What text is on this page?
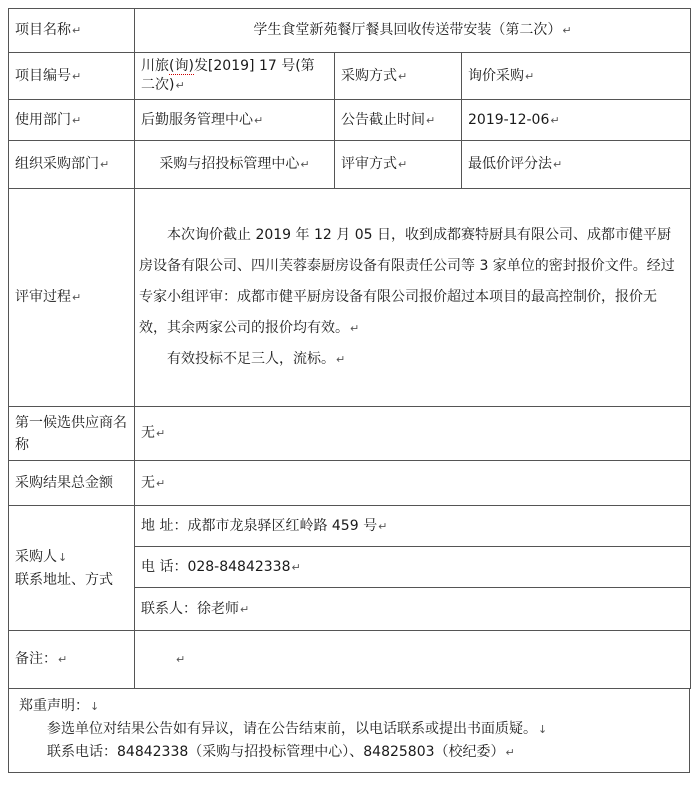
项目名称↵	学生食堂新苑餐厅餐具回收传送带安装（第二次）↵		
项目编号↵	川旅(询)发[2019] 17 号(第二次)↵	采购方式↵	询价采购↵
使用部门↵	后勤服务管理中心↵	公告截止时间↵	2019-12-06↵
组织采购部门↵	采购与招投标管理中心↵	评审方式↵	最低价评分法↵
评审过程↵	本次询价截止 2019 年 12 月 05 日，收到成都赛特厨具有限公司、成都市健平厨房设备有限公司、四川芙蓉泰厨房设备有限责任公司等 3 家单位的密封报价文件。经过专家小组评审：成都市健平厨房设备有限公司报价超过本项目的最高控制价，报价无效，其余两家公司的报价均有效。↵

有效投标不足三人，流标。↵		

第一候选供应商名称	无↵		
采购结果总金额	无↵		

采购人↓
联系地址、方式	地 址：成都市龙泉驿区红岭路 459 号↵		
	电 话：028-84842338↵		
	联系人：徐老师↵		
备注：↵	↵		

郑重声明：↓

参选单位对结果公告如有异议，请在公告结束前，以电话联系或提出书面质疑。↓

联系电话：84842338（采购与招投标管理中心）、84825803（校纪委）↵
